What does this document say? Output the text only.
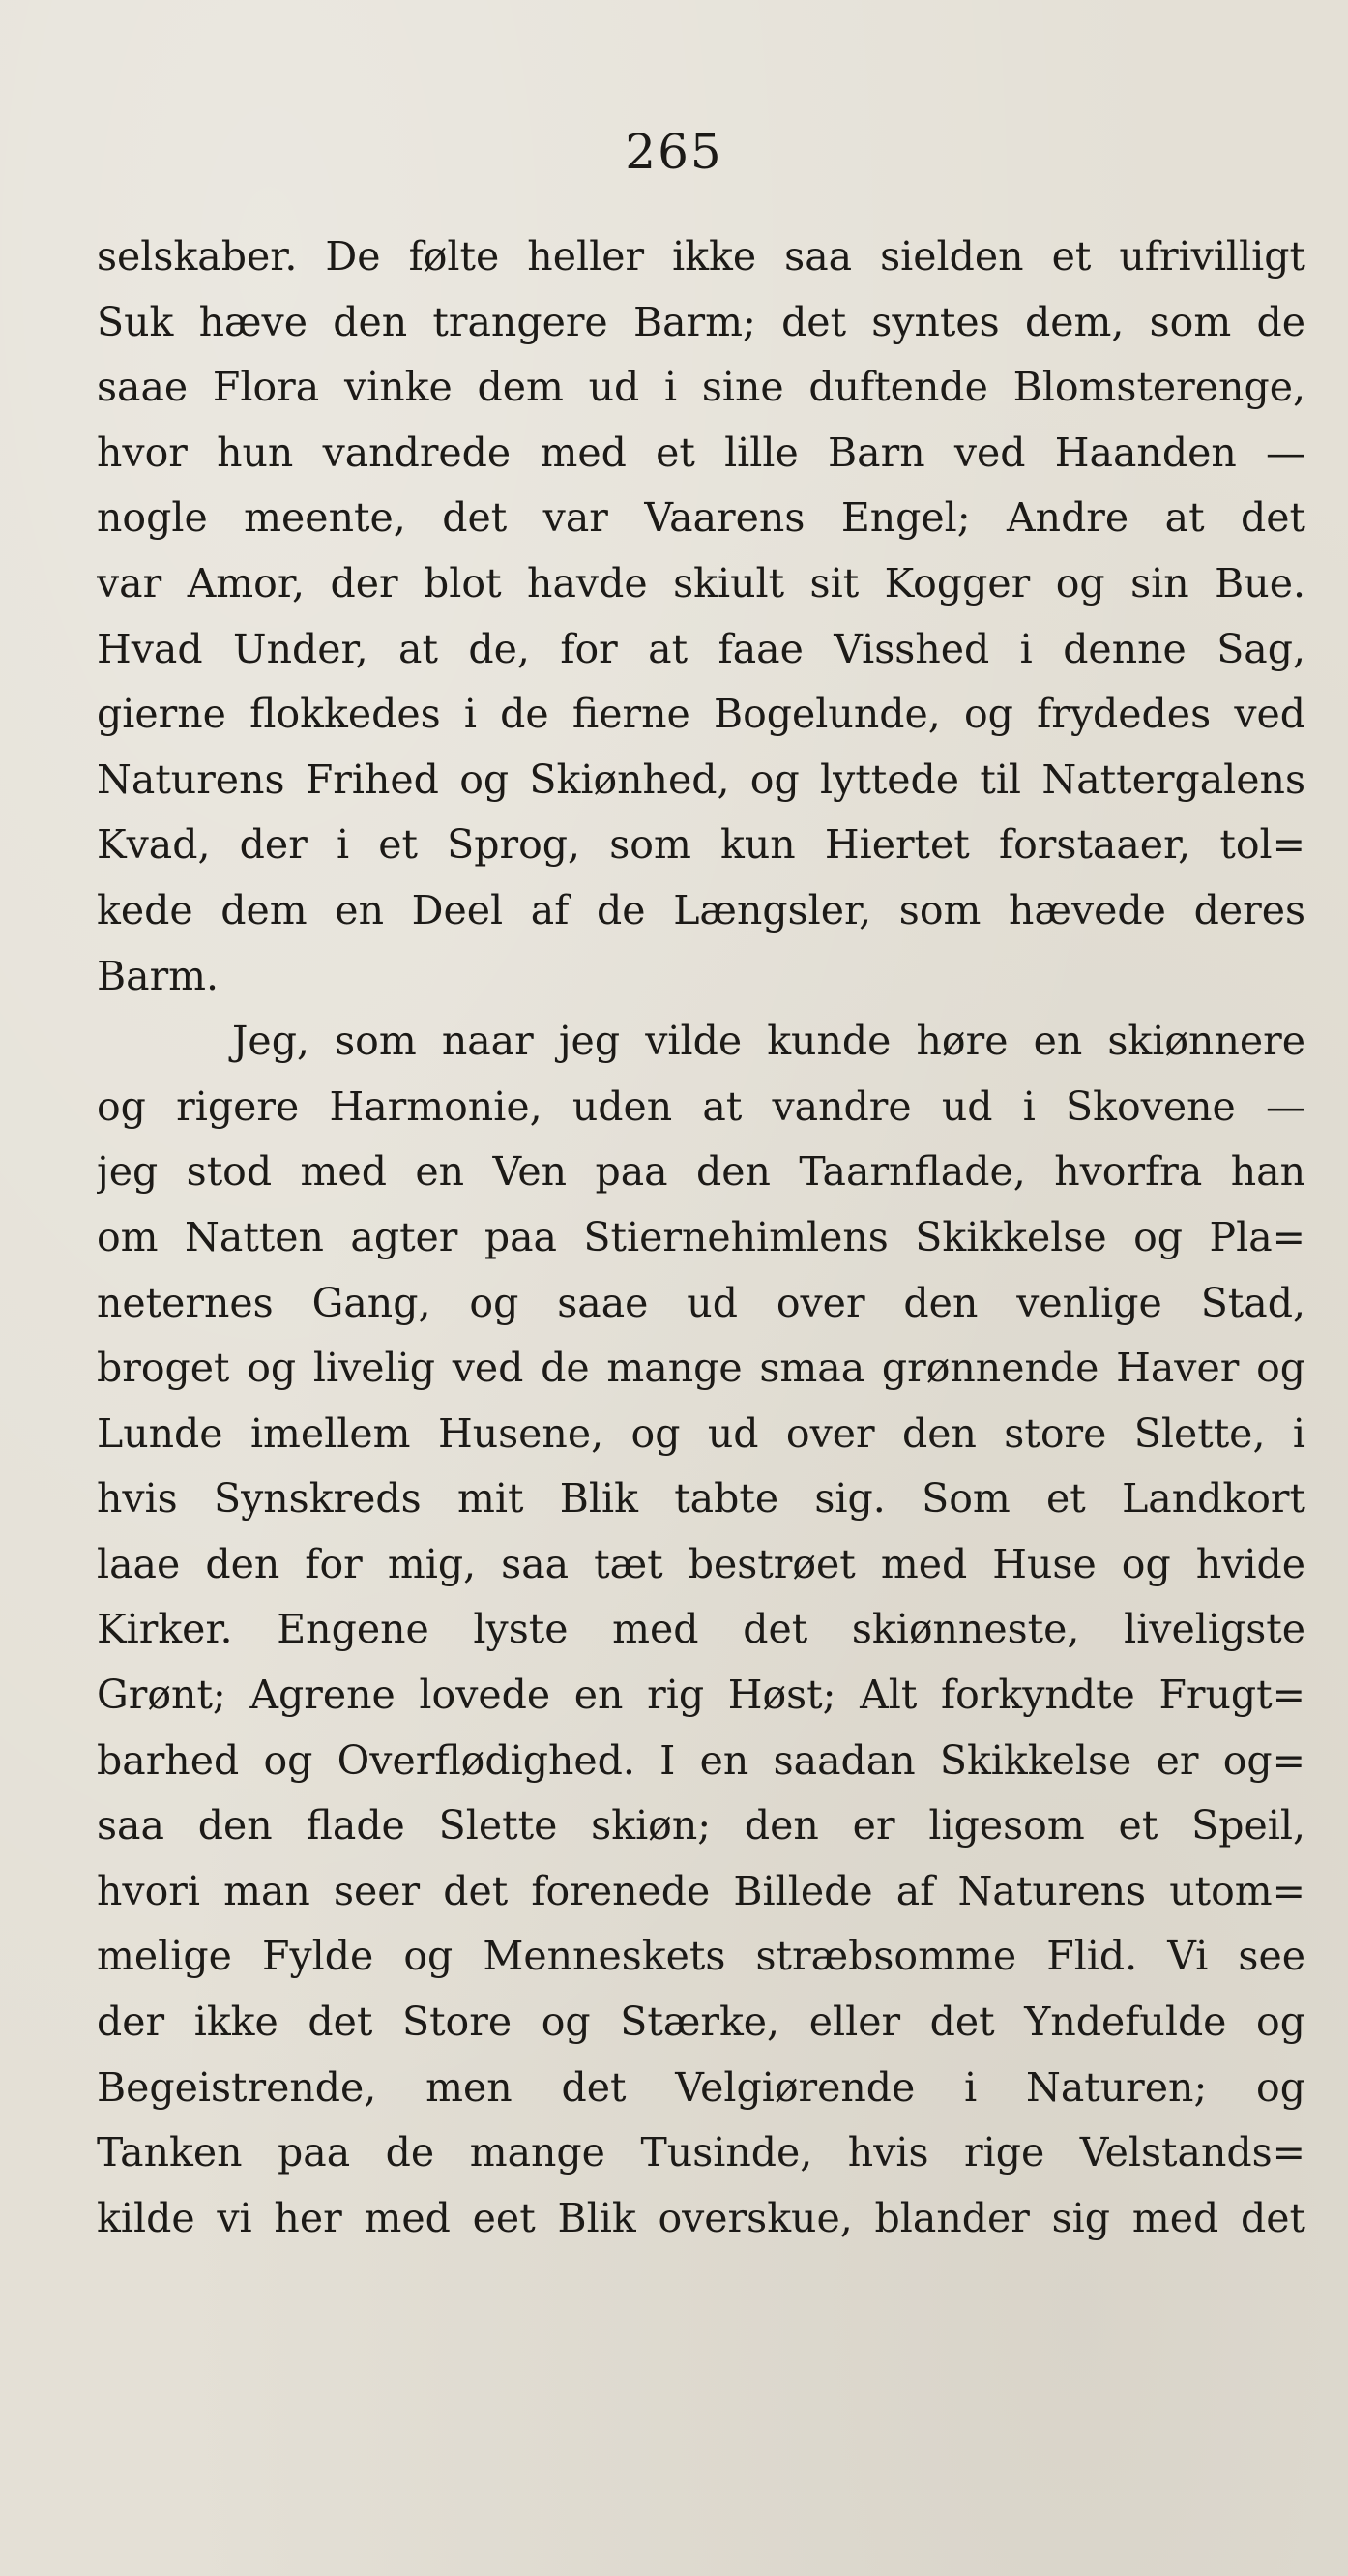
265
selskaber. De følte heller ikke saa sielden et ufrivilligt
Suk hæve den trangere Barm; det syntes dem, som de
saae Flora vinke dem ud i sine duftende Blomsterenge,
hvor hun vandrede med et lille Barn ved Haanden —
nogle meente, det var Vaarens Engel; Andre at det
var Amor, der blot havde skiult sit Kogger og sin Bue.
Hvad Under, at de, for at faae Visshed i denne Sag,
gierne flokkedes i de fierne Bogelunde, og frydedes ved
Naturens Frihed og Skiønhed, og lyttede til Nattergalens
Kvad, der i et Sprog, som kun Hiertet forstaaer, tol=
kede dem en Deel af de Længsler, som hævede deres
Barm.
Jeg, som naar jeg vilde kunde høre en skiønnere
og rigere Harmonie, uden at vandre ud i Skovene —
jeg stod med en Ven paa den Taarnflade, hvorfra han
om Natten agter paa Stiernehimlens Skikkelse og Pla=
neternes Gang, og saae ud over den venlige Stad,
broget og livelig ved de mange smaa grønnende Haver og
Lunde imellem Husene, og ud over den store Slette, i
hvis Synskreds mit Blik tabte sig. Som et Landkort
laae den for mig, saa tæt bestrøet med Huse og hvide
Kirker. Engene lyste med det skiønneste, liveligste
Grønt; Agrene lovede en rig Høst; Alt forkyndte Frugt=
barhed og Overflødighed. I en saadan Skikkelse er og=
saa den flade Slette skiøn; den er ligesom et Speil,
hvori man seer det forenede Billede af Naturens utom=
melige Fylde og Menneskets stræbsomme Flid. Vi see
der ikke det Store og Stærke, eller det Yndefulde og
Begeistrende, men det Velgiørende i Naturen; og
Tanken paa de mange Tusinde, hvis rige Velstands=
kilde vi her med eet Blik overskue, blander sig med det
